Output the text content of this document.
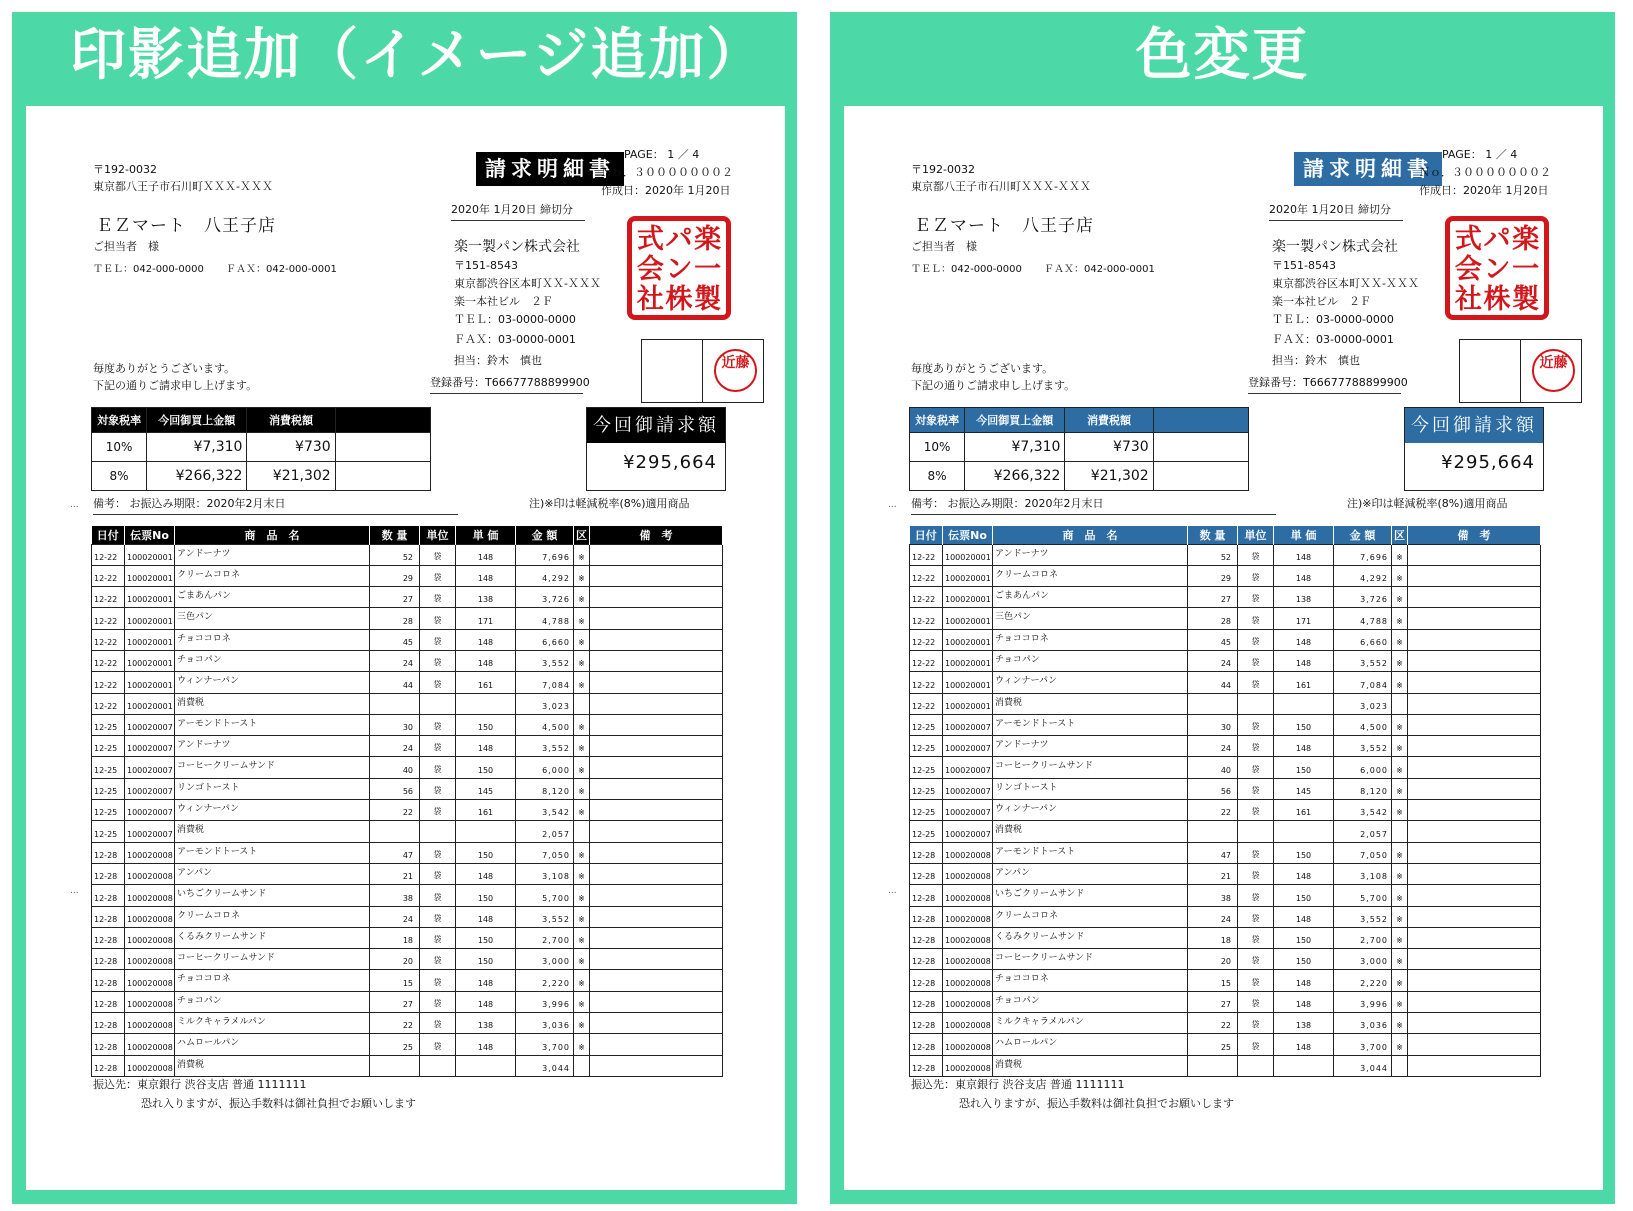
印影追加（イメージ追加）
〒192-0032
東京都八王子市石川町ＸＸＸ-ＸＸＸ
ＥＺマート　八王子店
ご担当者　様
ＴＥＬ：042-000-0000 ＦＡＸ：042-000-0001
請求明細書
PAGE： 1 ／ 4
Ｎｏ．３０００００００２
作成日：2020年 1月20日
2020年 1月20日 締切分
楽一製パン株式会社
〒151-8543
東京都渋谷区本町ＸＸ-ＸＸＸ
楽一本社ビル　２Ｆ
ＴＥＬ：03-0000-0000
ＦＡＸ：03-0000-0001
担当：鈴木　慎也
登録番号：T66677788899900
式 パ 楽
会 ン 一
社 株 製
近藤
毎度ありがとうございます。
下記の通りご請求申し上げます。
対象税率	今回御買上金額	消費税額	
10%	¥7,310	¥730	
8%	¥266,322	¥21,302	
今回御請求額
¥295,664
備考： お振込み期限：2020年2月末日	注)※印は軽減税率(8%)適用商品
...
...
日付	伝票No	商　品　名	数 量	単位	単 価	金 額	区	備　考
12-22	100020001	アンドーナツ	52	袋	148	7,696	※	
12-22	100020001	クリームコロネ	29	袋	148	4,292	※	
12-22	100020001	ごまあんパン	27	袋	138	3,726	※	
12-22	100020001	三色パン	28	袋	171	4,788	※	
12-22	100020001	チョココロネ	45	袋	148	6,660	※	
12-22	100020001	チョコパン	24	袋	148	3,552	※	
12-22	100020001	ウィンナーパン	44	袋	161	7,084	※	
12-22	100020001	消費税				3,023		
12-25	100020007	アーモンドトースト	30	袋	150	4,500	※	
12-25	100020007	アンドーナツ	24	袋	148	3,552	※	
12-25	100020007	コーヒークリームサンド	40	袋	150	6,000	※	
12-25	100020007	リンゴトースト	56	袋	145	8,120	※	
12-25	100020007	ウィンナーパン	22	袋	161	3,542	※	
12-25	100020007	消費税				2,057		
12-28	100020008	アーモンドトースト	47	袋	150	7,050	※	
12-28	100020008	アンパン	21	袋	148	3,108	※	
12-28	100020008	いちごクリームサンド	38	袋	150	5,700	※	
12-28	100020008	クリームコロネ	24	袋	148	3,552	※	
12-28	100020008	くるみクリームサンド	18	袋	150	2,700	※	
12-28	100020008	コーヒークリームサンド	20	袋	150	3,000	※	
12-28	100020008	チョココロネ	15	袋	148	2,220	※	
12-28	100020008	チョコパン	27	袋	148	3,996	※	
12-28	100020008	ミルクキャラメルパン	22	袋	138	3,036	※	
12-28	100020008	ハムロールパン	25	袋	148	3,700	※	
12-28	100020008	消費税				3,044		
振込先：東京銀行 渋谷支店 普通 1111111
恐れ入りますが、振込手数料は御社負担でお願いします
色変更
〒192-0032
東京都八王子市石川町ＸＸＸ-ＸＸＸ
ＥＺマート　八王子店
ご担当者　様
ＴＥＬ：042-000-0000 ＦＡＸ：042-000-0001
請求明細書
PAGE： 1 ／ 4
Ｎｏ．３０００００００２
作成日：2020年 1月20日
2020年 1月20日 締切分
楽一製パン株式会社
〒151-8543
東京都渋谷区本町ＸＸ-ＸＸＸ
楽一本社ビル　２Ｆ
ＴＥＬ：03-0000-0000
ＦＡＸ：03-0000-0001
担当：鈴木　慎也
登録番号：T66677788899900
式 パ 楽
会 ン 一
社 株 製
近藤
毎度ありがとうございます。
下記の通りご請求申し上げます。
対象税率	今回御買上金額	消費税額	
10%	¥7,310	¥730	
8%	¥266,322	¥21,302	
今回御請求額
¥295,664
備考： お振込み期限：2020年2月末日	注)※印は軽減税率(8%)適用商品
...
...
日付	伝票No	商　品　名	数 量	単位	単 価	金 額	区	備　考
12-22	100020001	アンドーナツ	52	袋	148	7,696	※	
12-22	100020001	クリームコロネ	29	袋	148	4,292	※	
12-22	100020001	ごまあんパン	27	袋	138	3,726	※	
12-22	100020001	三色パン	28	袋	171	4,788	※	
12-22	100020001	チョココロネ	45	袋	148	6,660	※	
12-22	100020001	チョコパン	24	袋	148	3,552	※	
12-22	100020001	ウィンナーパン	44	袋	161	7,084	※	
12-22	100020001	消費税				3,023		
12-25	100020007	アーモンドトースト	30	袋	150	4,500	※	
12-25	100020007	アンドーナツ	24	袋	148	3,552	※	
12-25	100020007	コーヒークリームサンド	40	袋	150	6,000	※	
12-25	100020007	リンゴトースト	56	袋	145	8,120	※	
12-25	100020007	ウィンナーパン	22	袋	161	3,542	※	
12-25	100020007	消費税				2,057		
12-28	100020008	アーモンドトースト	47	袋	150	7,050	※	
12-28	100020008	アンパン	21	袋	148	3,108	※	
12-28	100020008	いちごクリームサンド	38	袋	150	5,700	※	
12-28	100020008	クリームコロネ	24	袋	148	3,552	※	
12-28	100020008	くるみクリームサンド	18	袋	150	2,700	※	
12-28	100020008	コーヒークリームサンド	20	袋	150	3,000	※	
12-28	100020008	チョココロネ	15	袋	148	2,220	※	
12-28	100020008	チョコパン	27	袋	148	3,996	※	
12-28	100020008	ミルクキャラメルパン	22	袋	138	3,036	※	
12-28	100020008	ハムロールパン	25	袋	148	3,700	※	
12-28	100020008	消費税				3,044		
振込先：東京銀行 渋谷支店 普通 1111111
恐れ入りますが、振込手数料は御社負担でお願いします
